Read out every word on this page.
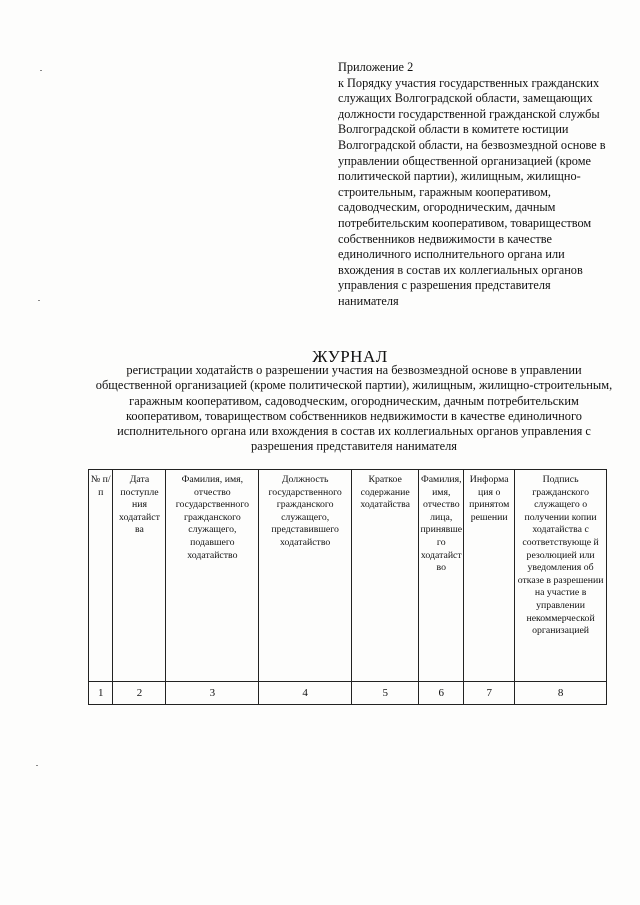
Приложение 2
к Порядку участия государственных гражданских служащих Волгоградской области, замещающих должности государственной гражданской службы Волгоградской области в комитете юстиции Волгоградской области, на безвозмездной основе в управлении общественной организацией (кроме политической партии), жилищным, жилищно-строительным, гаражным кооперативом, садоводческим, огородническим, дачным потребительским кооперативом, товариществом собственников недвижимости в качестве единоличного исполнительного органа или вхождения в состав их коллегиальных органов управления с разрешения представителя нанимателя
ЖУРНАЛ
регистрации ходатайств о разрешении участия на безвозмездной основе в управлении общественной организацией (кроме политической партии), жилищным, жилищно-строительным, гаражным кооперативом, садоводческим, огородническим, дачным потребительским кооперативом, товариществом собственников недвижимости в качестве единоличного исполнительного органа или вхождения в состав их коллегиальных органов управления с разрешения представителя нанимателя
№ п/п	Дата поступле ния ходатайст ва	Фамилия, имя, отчество государственного гражданского служащего, подавшего ходатайство	Должность государственного гражданского служащего, представившего ходатайство	Краткое содержание ходатайства	Фамилия, имя, отчество лица, принявше го ходатайст во	Информа ция о принятом решении	Подпись гражданского служащего о получении копии ходатайства с соответствующе й резолюцией или уведомления об отказе в разрешении на участие в управлении некоммерческой организацией
1	2	3	4	5	6	7	8
